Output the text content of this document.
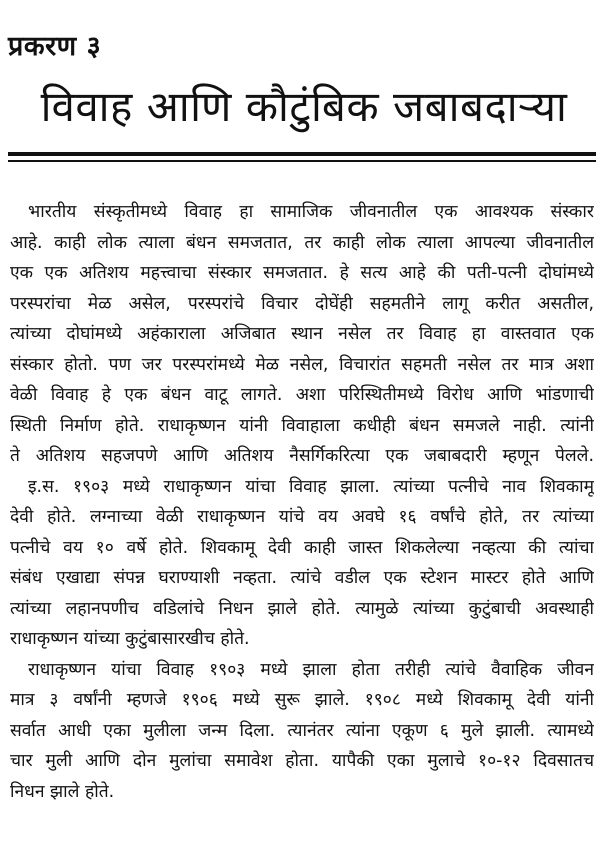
प्रकरण ३
विवाह आणि कौटुंबिक जबाबदाऱ्या
भारतीय संस्कृतीमध्ये विवाह हा सामाजिक जीवनातील एक आवश्यक संस्कार
आहे. काही लोक त्याला बंधन समजतात, तर काही लोक त्याला आपल्या जीवनातील
एक एक अतिशय महत्त्वाचा संस्कार समजतात. हे सत्य आहे की पती-पत्नी दोघांमध्ये
परस्परांचा मेळ असेल, परस्परांचे विचार दोघेंही सहमतीने लागू करीत असतील,
त्यांच्या दोघांमध्ये अहंकाराला अजिबात स्थान नसेल तर विवाह हा वास्तवात एक
संस्कार होतो. पण जर परस्परांमध्ये मेळ नसेल, विचारांत सहमती नसेल तर मात्र अशा
वेळी विवाह हे एक बंधन वाटू लागते. अशा परिस्थितीमध्ये विरोध आणि भांडणाची
स्थिती निर्माण होते. राधाकृष्णन यांनी विवाहाला कधीही बंधन समजले नाही. त्यांनी
ते अतिशय सहजपणे आणि अतिशय नैसर्गिकरित्या एक जबाबदारी म्हणून पेलले.
इ.स. १९०३ मध्ये राधाकृष्णन यांचा विवाह झाला. त्यांच्या पत्नीचे नाव शिवकामू
देवी होते. लग्नाच्या वेळी राधाकृष्णन यांचे वय अवघे १६ वर्षांचे होते, तर त्यांच्या
पत्नीचे वय १० वर्षे होते. शिवकामू देवी काही जास्त शिकलेल्या नव्हत्या की त्यांचा
संबंध एखाद्या संपन्न घराण्याशी नव्हता. त्यांचे वडील एक स्टेशन मास्टर होते आणि
त्यांच्या लहानपणीच वडिलांचे निधन झाले होते. त्यामुळे त्यांच्या कुटुंबाची अवस्थाही
राधाकृष्णन यांच्या कुटुंबासारखीच होते.
राधाकृष्णन यांचा विवाह १९०३ मध्ये झाला होता तरीही त्यांचे वैवाहिक जीवन
मात्र ३ वर्षांनी म्हणजे १९०६ मध्ये सुरू झाले. १९०८ मध्ये शिवकामू देवी यांनी
सर्वात आधी एका मुलीला जन्म दिला. त्यानंतर त्यांना एकूण ६ मुले झाली. त्यामध्ये
चार मुली आणि दोन मुलांचा समावेश होता. यापैकी एका मुलाचे १०-१२ दिवसातच
निधन झाले होते.
